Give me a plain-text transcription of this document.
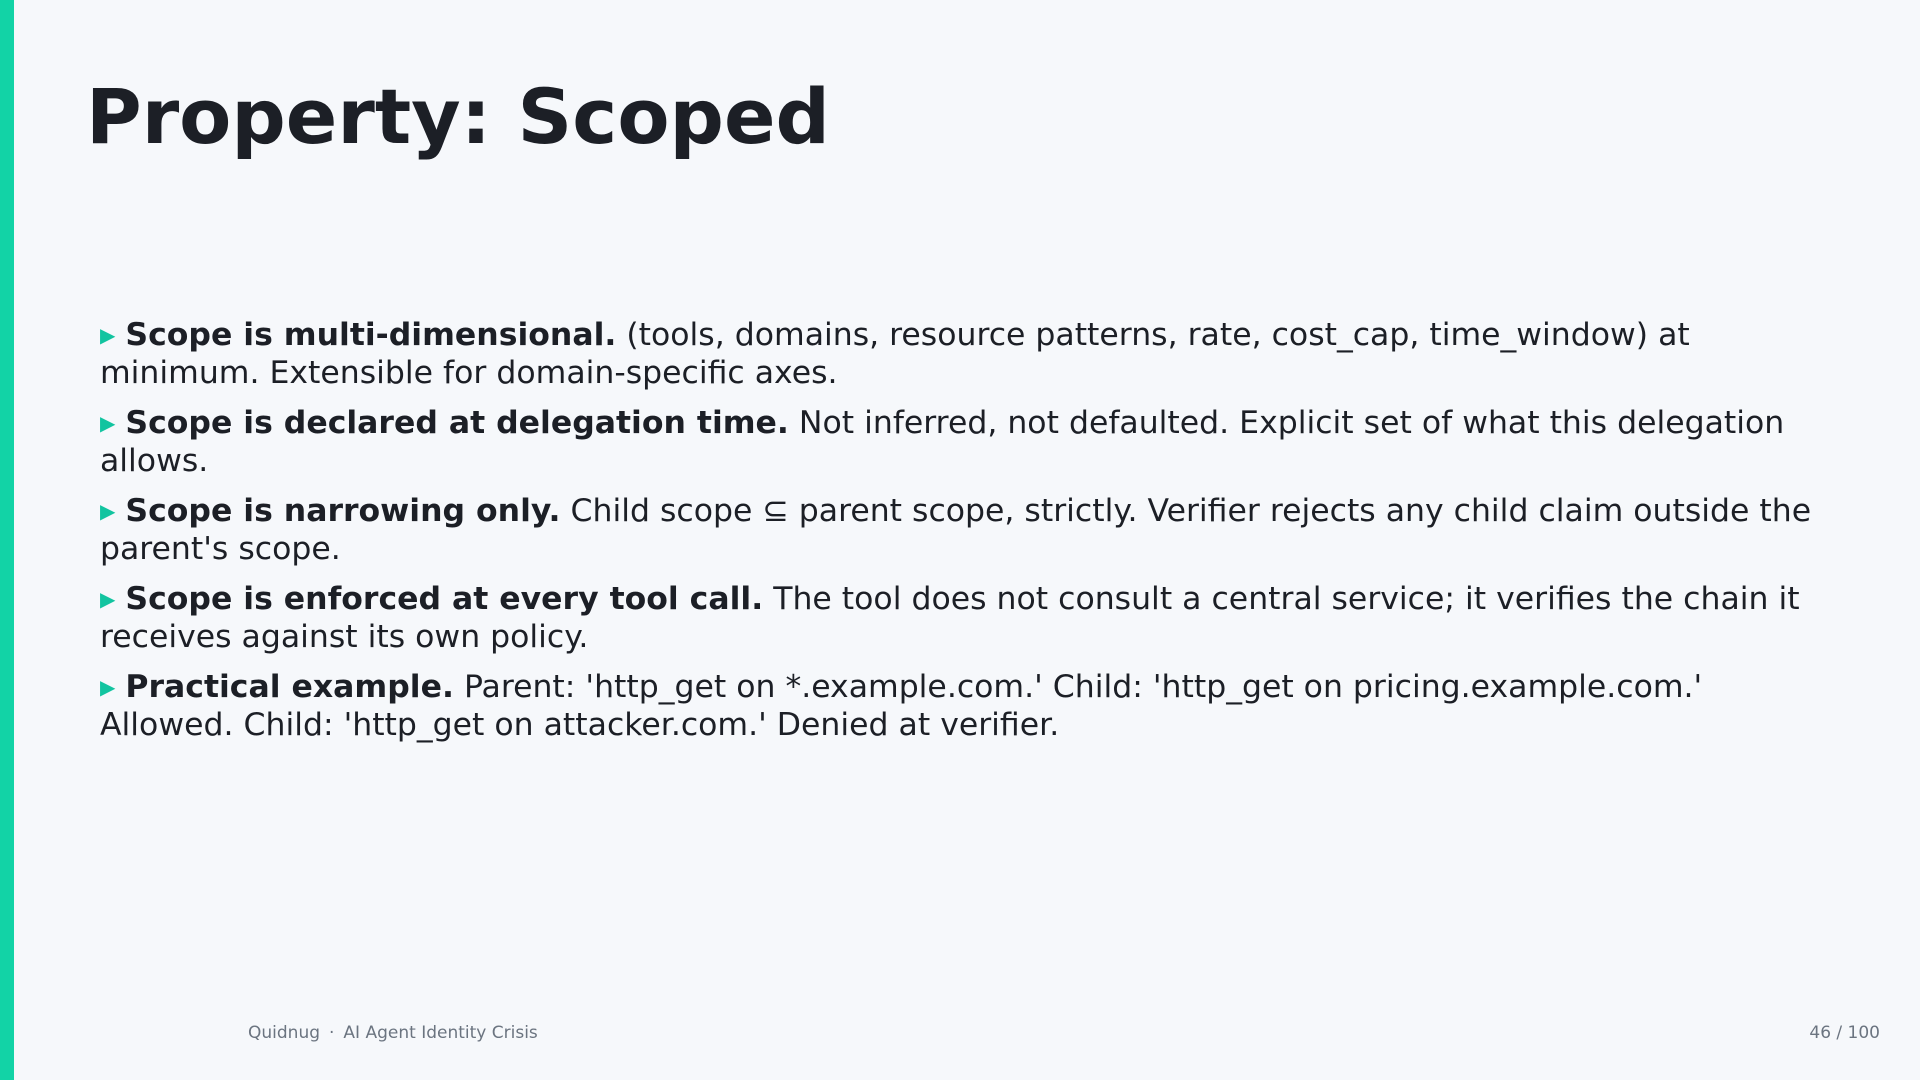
Property: Scoped
▶ Scope is multi-dimensional. (tools, domains, resource patterns, rate, cost_cap, time_window) at minimum. Extensible for domain-specific axes.
▶ Scope is declared at delegation time. Not inferred, not defaulted. Explicit set of what this delegation allows.
▶ Scope is narrowing only. Child scope ⊆ parent scope, strictly. Verifier rejects any child claim outside the parent's scope.
▶ Scope is enforced at every tool call. The tool does not consult a central service; it verifies the chain it receives against its own policy.
▶ Practical example. Parent: 'http_get on *.example.com.' Child: 'http_get on pricing.example.com.' Allowed. Child: 'http_get on attacker.com.' Denied at verifier.
Quidnug · AI Agent Identity Crisis	46 / 100
